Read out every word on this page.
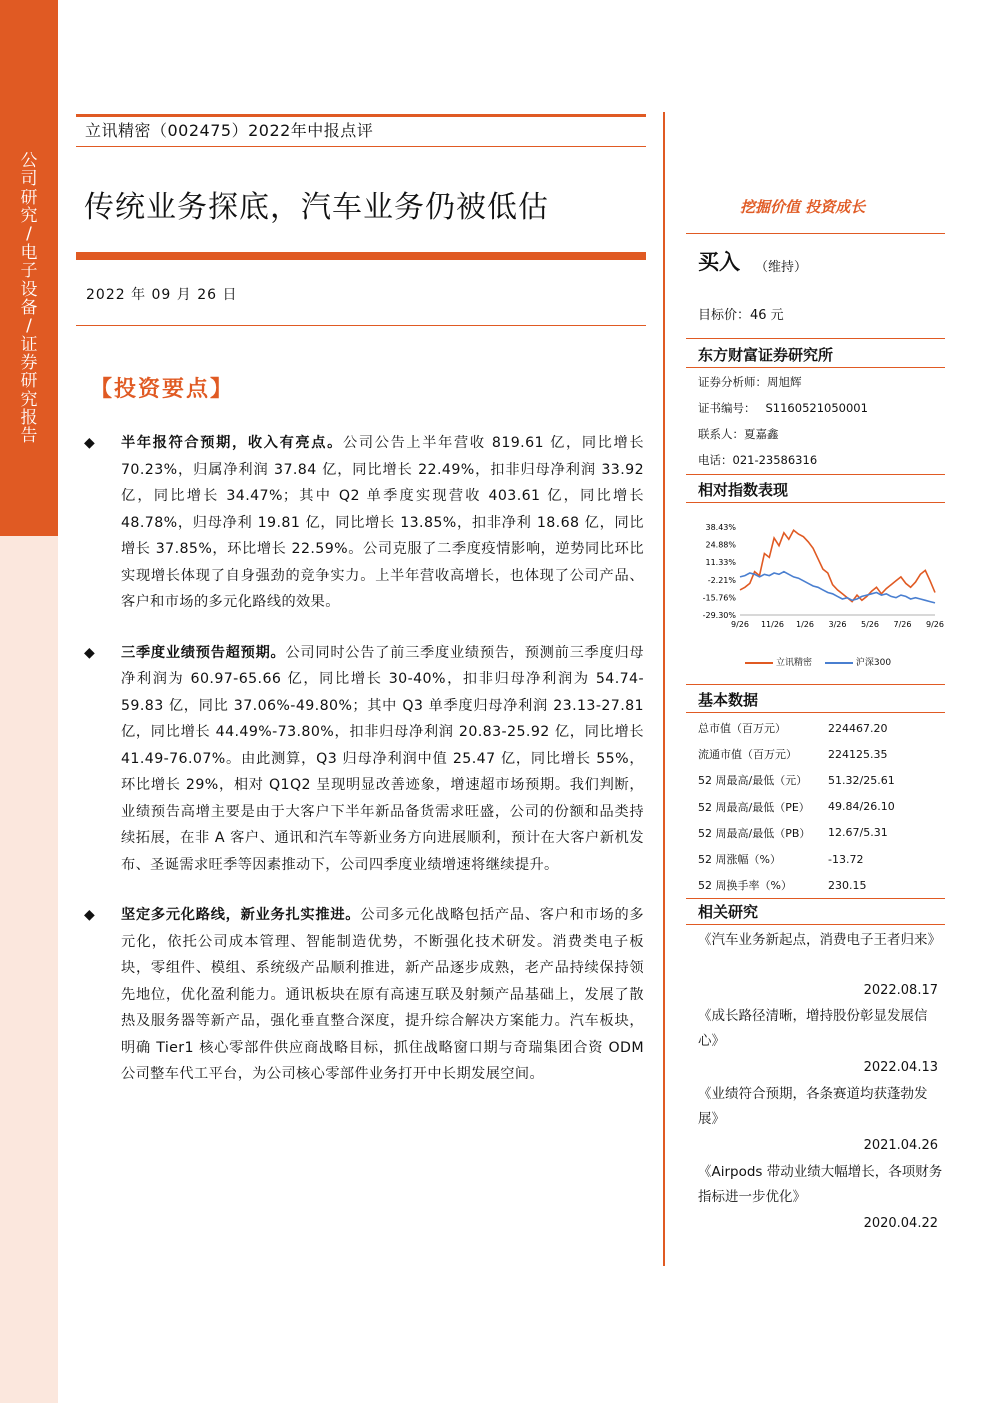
公司研究
/
电子设备
/
证券研究报告
立讯精密（002475）2022年中报点评
传统业务探底，汽车业务仍被低估
2022 年 09 月 26 日
【投资要点】

◆ 半年报符合预期，收入有亮点。公司公告上半年营收 819.61 亿，同比增长 70.23%，归属净利润 37.84 亿，同比增长 22.49%，扣非归母净利润 33.92 亿，同比增长 34.47%；其中 Q2 单季度实现营收 403.61 亿，同比增长 48.78%，归母净利 19.81 亿，同比增长 13.85%，扣非净利 18.68 亿，同比增长 37.85%，环比增长 22.59%。公司克服了二季度疫情影响，逆势同比环比实现增长体现了自身强劲的竞争实力。上半年营收高增长，也体现了公司产品、客户和市场的多元化路线的效果。

◆ 三季度业绩预告超预期。公司同时公告了前三季度业绩预告，预测前三季度归母净利润为 60.97-65.66 亿，同比增长 30-40%，扣非归母净利润为 54.74-59.83 亿，同比 37.06%-49.80%；其中 Q3 单季度归母净利润 23.13-27.81 亿，同比增长 44.49%-73.80%，扣非归母净利润 20.83-25.92 亿，同比增长 41.49-76.07%。由此测算，Q3 归母净利润中值 25.47 亿，同比增长 55%，环比增长 29%，相对 Q1Q2 呈现明显改善迹象，增速超市场预期。我们判断，业绩预告高增主要是由于大客户下半年新品备货需求旺盛，公司的份额和品类持续拓展，在非 A 客户、通讯和汽车等新业务方向进展顺利，预计在大客户新机发布、圣诞需求旺季等因素推动下，公司四季度业绩增速将继续提升。

◆ 坚定多元化路线，新业务扎实推进。公司多元化战略包括产品、客户和市场的多元化，依托公司成本管理、智能制造优势，不断强化技术研发。消费类电子板块，零组件、模组、系统级产品顺利推进，新产品逐步成熟，老产品持续保持领先地位，优化盈利能力。通讯板块在原有高速互联及射频产品基础上，发展了散热及服务器等新产品，强化垂直整合深度，提升综合解决方案能力。汽车板块，明确 Tier1 核心零部件供应商战略目标，抓住战略窗口期与奇瑞集团合资 ODM 公司整车代工平台，为公司核心零部件业务打开中长期发展空间。

挖掘价值 投资成长
买入 （维持）
目标价：46 元
东方财富证券研究所
证券分析师：周旭辉
证书编号： S1160521050001
联系人：夏嘉鑫
电话：021-23586316
相对指数表现
38.43%
24.88%
11.33%
-2.21%
-15.76%
-29.30%
9/26 11/26 1/26 3/26 5/26 7/26 9/26
立讯精密	沪深300
基本数据
总市值（百万元）	224467.20
流通市值（百万元）	224125.35
52 周最高/最低（元）	51.32/25.61
52 周最高/最低（PE）	49.84/26.10
52 周最高/最低（PB）	12.67/5.31
52 周涨幅（%）	-13.72
52 周换手率（%）	230.15
相关研究
《汽车业务新起点，消费电子王者归来》
2022.08.17
《成长路径清晰，增持股份彰显发展信心》
2022.04.13
《业绩符合预期，各条赛道均获蓬勃发展》
2021.04.26
《Airpods 带动业绩大幅增长，各项财务指标进一步优化》
2020.04.22
